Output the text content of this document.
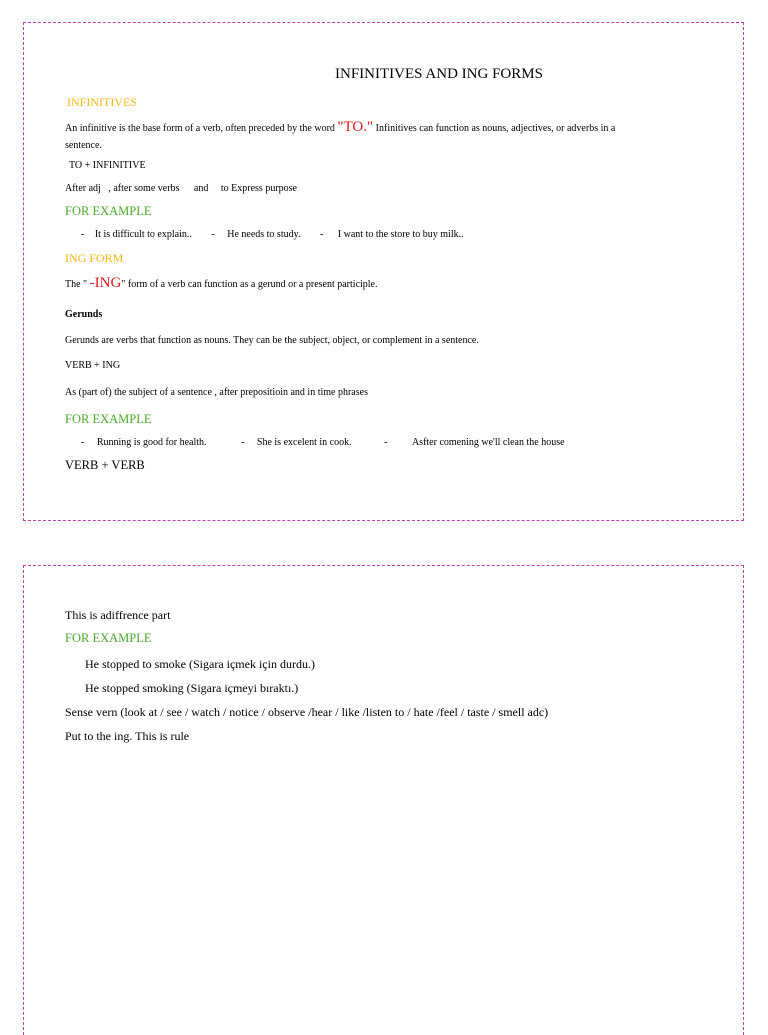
INFINITIVES AND ING FORMS
INFINITIVES
An infinitive is the base form of a verb, often preceded by the word "TO." Infinitives can function as nouns, adjectives, or adverbs in a
sentence.
TO + INFINITIVE
After adj , after some verbs and to Express purpose
FOR EXAMPLE
- It is difficult to explain.. - He needs to study. - I want to the store to buy milk..
ING FORM
The " -ING" form of a verb can function as a gerund or a present participle.
Gerunds
Gerunds are verbs that function as nouns. They can be the subject, object, or complement in a sentence.
VERB + ING
As (part of) the subject of a sentence , after prepositioin and in time phrases
FOR EXAMPLE
- Running is good for health.	- She is excelent in cook.	- Asfter comening we'll clean the house
VERB + VERB
This is adiffrence part
FOR EXAMPLE
He stopped to smoke (Sigara içmek için durdu.)
He stopped smoking (Sigara içmeyi bıraktı.)
Sense vern (look at / see / watch / notice / observe /hear / like /listen to / hate /feel / taste / smell adc)
Put to the ing. This is rule
